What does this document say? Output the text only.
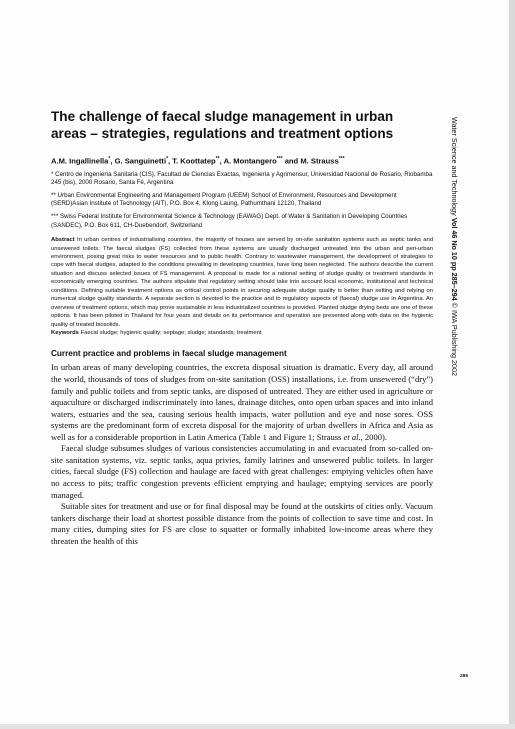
The challenge of faecal sludge management in urban areas – strategies, regulations and treatment options
A.M. Ingallinella*, G. Sanguinetti*, T. Koottatep**, A. Montangero*** and M. Strauss***
* Centro de Ingeniería Sanitaria (CIS), Facultad de Ciencias Exactas, Ingeniería y Agrimensur, Universidad Nacional de Rosario, Riobamba 245 (bis), 2000 Rosario, Santa Fé, Argentina
** Urban Environmental Engineering and Management Program (UEEM) School of Environment, Resources and Development (SERD)Asian Institute of Technology (AIT), P.O. Box 4, Klong Laung, Pathumthani 12120, Thailand
*** Swiss Federal Institute for Environmental Science & Technology (EAWAG) Dept. of Water & Sanitation in Developing Countries (SANDEC), P.O. Box 611, CH-Duebendorf, Switzerland
Abstract In urban centres of industrialising countries, the majority of houses are served by on-site sanitation systems such as septic tanks and unsewered toilets. The faecal sludges (FS) collected from these systems are usually discharged untreated into the urban and peri-urban environment, posing great risks to water resources and to public health. Contrary to wastewater management, the development of strategies to cope with faecal sludges, adapted to the conditions prevailing in developing countries, have long been neglected. The authors describe the current situation and discuss selected issues of FS management. A proposal is made for a rational setting of sludge quality or treatment standards in economically emerging countries. The authors stipulate that regulatory setting should take into account local economic, institutional and technical conditions. Defining suitable treatment options as critical control points in securing adequate sludge quality is better than setting and relying on numerical sludge quality standards. A separate section is devoted to the practice and to regulatory aspects of (faecal) sludge use in Argentina. An overview of treatment options, which may prove sustainable in less industrialized countries is provided. Planted sludge drying beds are one of these options. It has been piloted in Thailand for four years and details on its performance and operation are presented along with data on the hygienic quality of treated biosolids.
Keywords Faecal sludge; hygienic quality; septage; sludge; standards; treatment
Current practice and problems in faecal sludge management

In urban areas of many developing countries, the excreta disposal situation is dramatic. Every day, all around the world, thousands of tons of sludges from on-site sanitation (OSS) installations, i.e. from unsewered (“dry”) family and public toilets and from septic tanks, are disposed of untreated. They are either used in agriculture or aquaculture or discharged indiscriminately into lanes, drainage ditches, onto open urban spaces and into inland waters, estuaries and the sea, causing serious health impacts, water pollution and eye and nose sores. OSS systems are the predominant form of excreta disposal for the majority of urban dwellers in Africa and Asia as well as for a considerable proportion in Latin America (Table 1 and Figure 1; Strauss et al., 2000).

Faecal sludge subsumes sludges of various consistencies accumulating in and evacuated from so-called on-site sanitation systems, viz. septic tanks, aqua privies, family latrines and unsewered public toilets. In larger cities, faecal sludge (FS) collection and haulage are faced with great challenges: emptying vehicles often have no access to pits; traffic congestion prevents efficient emptying and haulage; emptying services are poorly managed.

Suitable sites for treatment and use or for final disposal may be found at the outskirts of cities only. Vacuum tankers discharge their load at shortest possible distance from the points of collection to save time and cost. In many cities, dumping sites for FS are close to squatter or formally inhabited low-income areas where they threaten the health of this

Water Science and Technology Vol 46 No 10 pp 285–294 © IWA Publishing 2002
285
